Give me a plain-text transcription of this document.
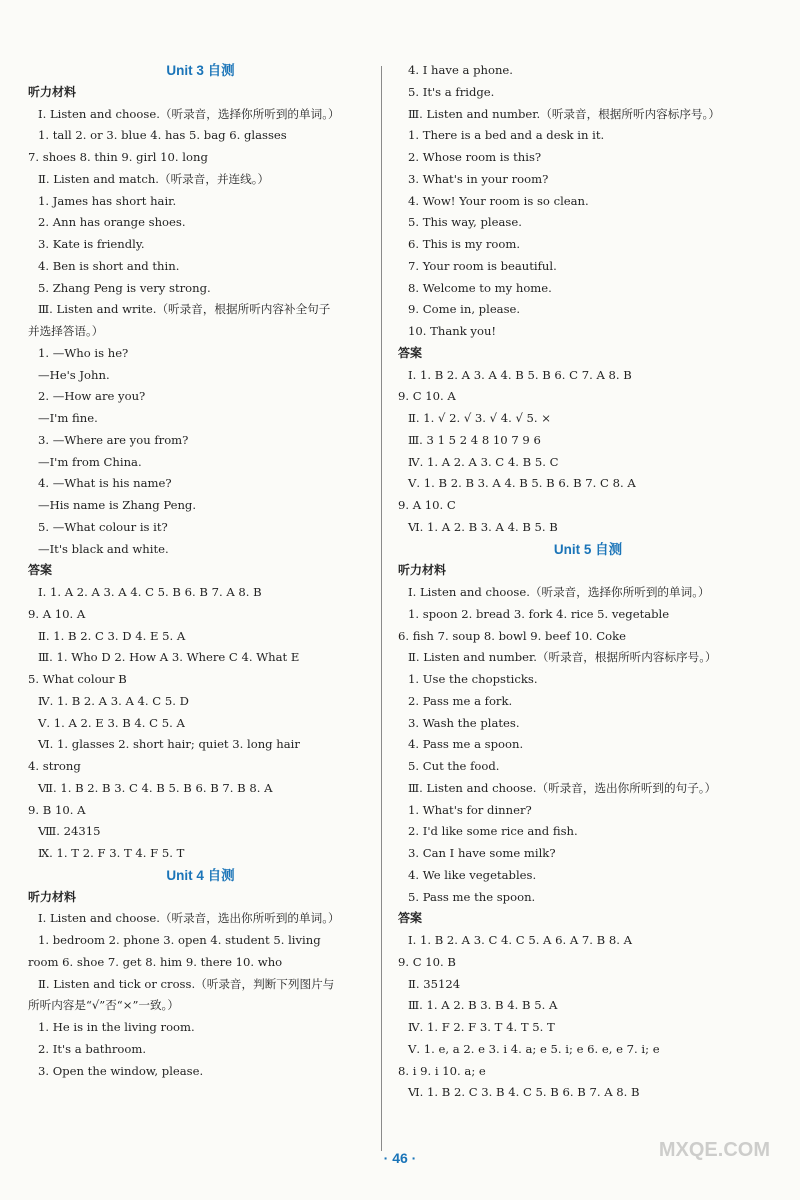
Unit 3 自测
听力材料
Ⅰ. Listen and choose.（听录音，选择你所听到的单词。）
1. tall 2. or 3. blue 4. has 5. bag 6. glasses
7. shoes 8. thin 9. girl 10. long
Ⅱ. Listen and match.（听录音，并连线。）
1. James has short hair.
2. Ann has orange shoes.
3. Kate is friendly.
4. Ben is short and thin.
5. Zhang Peng is very strong.
Ⅲ. Listen and write.（听录音，根据所听内容补全句子
并选择答语。）
1. —Who is he?
—He's John.
2. —How are you?
—I'm fine.
3. —Where are you from?
—I'm from China.
4. —What is his name?
—His name is Zhang Peng.
5. —What colour is it?
—It's black and white.
答案
Ⅰ. 1. A 2. A 3. A 4. C 5. B 6. B 7. A 8. B
9. A 10. A
Ⅱ. 1. B 2. C 3. D 4. E 5. A
Ⅲ. 1. Who D 2. How A 3. Where C 4. What E
5. What colour B
Ⅳ. 1. B 2. A 3. A 4. C 5. D
Ⅴ. 1. A 2. E 3. B 4. C 5. A
Ⅵ. 1. glasses 2. short hair; quiet 3. long hair
4. strong
Ⅶ. 1. B 2. B 3. C 4. B 5. B 6. B 7. B 8. A
9. B 10. A
Ⅷ. 24315
Ⅸ. 1. T 2. F 3. T 4. F 5. T
Unit 4 自测
听力材料
Ⅰ. Listen and choose.（听录音，选出你所听到的单词。）
1. bedroom 2. phone 3. open 4. student 5. living
room 6. shoe 7. get 8. him 9. there 10. who
Ⅱ. Listen and tick or cross.（听录音，判断下列图片与
所听内容是“√”否“×”一致。）
1. He is in the living room.
2. It's a bathroom.
3. Open the window, please.
4. I have a phone.
5. It's a fridge.
Ⅲ. Listen and number.（听录音，根据所听内容标序号。）
1. There is a bed and a desk in it.
2. Whose room is this?
3. What's in your room?
4. Wow! Your room is so clean.
5. This way, please.
6. This is my room.
7. Your room is beautiful.
8. Welcome to my home.
9. Come in, please.
10. Thank you!
答案
Ⅰ. 1. B 2. A 3. A 4. B 5. B 6. C 7. A 8. B
9. C 10. A
Ⅱ. 1. √ 2. √ 3. √ 4. √ 5. ×
Ⅲ. 3 1 5 2 4 8 10 7 9 6
Ⅳ. 1. A 2. A 3. C 4. B 5. C
Ⅴ. 1. B 2. B 3. A 4. B 5. B 6. B 7. C 8. A
9. A 10. C
Ⅵ. 1. A 2. B 3. A 4. B 5. B
Unit 5 自测
听力材料
Ⅰ. Listen and choose.（听录音，选择你所听到的单词。）
1. spoon 2. bread 3. fork 4. rice 5. vegetable
6. fish 7. soup 8. bowl 9. beef 10. Coke
Ⅱ. Listen and number.（听录音，根据所听内容标序号。）
1. Use the chopsticks.
2. Pass me a fork.
3. Wash the plates.
4. Pass me a spoon.
5. Cut the food.
Ⅲ. Listen and choose.（听录音，选出你所听到的句子。）
1. What's for dinner?
2. I'd like some rice and fish.
3. Can I have some milk?
4. We like vegetables.
5. Pass me the spoon.
答案
Ⅰ. 1. B 2. A 3. C 4. C 5. A 6. A 7. B 8. A
9. C 10. B
Ⅱ. 35124
Ⅲ. 1. A 2. B 3. B 4. B 5. A
Ⅳ. 1. F 2. F 3. T 4. T 5. T
Ⅴ. 1. e, a 2. e 3. i 4. a; e 5. i; e 6. e, e 7. i; e
8. i 9. i 10. a; e
Ⅵ. 1. B 2. C 3. B 4. C 5. B 6. B 7. A 8. B
· 46 ·	MXQE.COM
